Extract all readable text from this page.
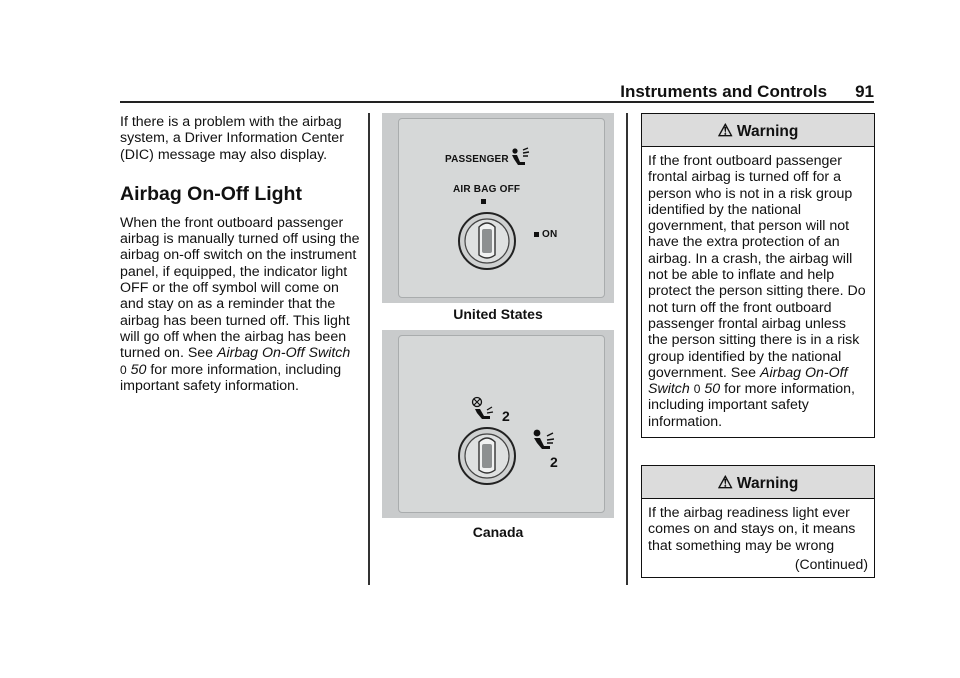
Instruments and Controls 91

If there is a problem with the airbag system, a Driver Information Center (DIC) message may also display.

Airbag On-Off Light

When the front outboard passenger airbag is manually turned off using the airbag on-off switch on the instrument panel, if equipped, the indicator light OFF or the off symbol will come on and stay on as a reminder that the airbag has been turned off. This light will go off when the airbag has been turned on. See Airbag On-Off Switch 0 50 for more information, including important safety information.

PASSENGER
AIR BAG OFF
ON
United States
2
2
Canada
⚠ Warning
If the front outboard passenger frontal airbag is turned off for a person who is not in a risk group identified by the national government, that person will not have the extra protection of an airbag. In a crash, the airbag will not be able to inflate and help protect the person sitting there. Do not turn off the front outboard passenger frontal airbag unless the person sitting there is in a risk group identified by the national government. See Airbag On-Off Switch 0 50 for more information, including important safety information.
⚠ Warning
If the airbag readiness light ever comes on and stays on, it means that something may be wrong
(Continued)
